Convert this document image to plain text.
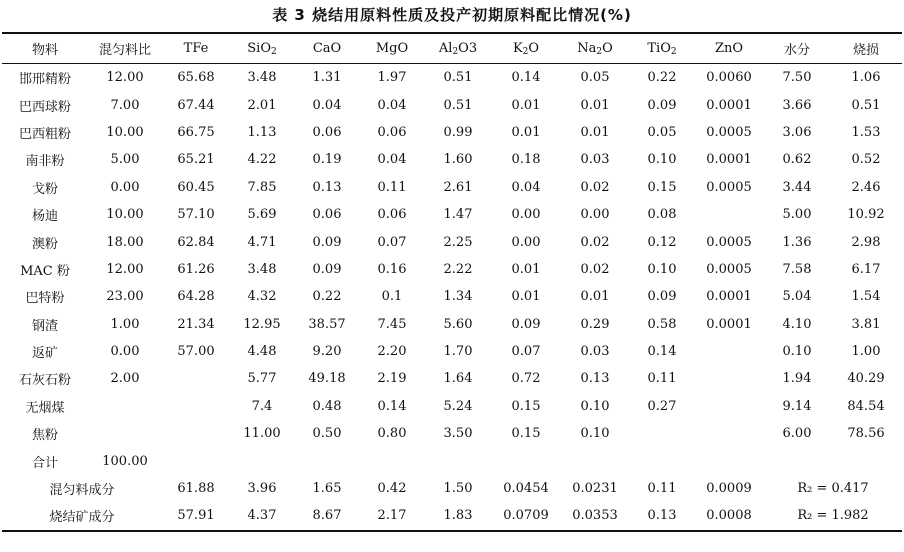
表 3 烧结用原料性质及投产初期原料配比情况(%)
物料	混匀料比	TFe	SiO$_2$	CaO	MgO	$Al_2O3$	$K_2O$	$Na_2O$	TiO$_2$	ZnO	水分	烧损
邯邢精粉	12.00	65.68	3.48	1.31	1.97	0.51	0.14	0.05	0.22	0.0060	7.50	1.06
巴西球粉	7.00	67.44	2.01	0.04	0.04	0.51	0.01	0.01	0.09	0.0001	3.66	0.51
巴西粗粉	10.00	66.75	1.13	0.06	0.06	0.99	0.01	0.01	0.05	0.0005	3.06	1.53
南非粉	5.00	65.21	4.22	0.19	0.04	1.60	0.18	0.03	0.10	0.0001	0.62	0.52
戈粉	0.00	60.45	7.85	0.13	0.11	2.61	0.04	0.02	0.15	0.0005	3.44	2.46
杨迪	10.00	57.10	5.69	0.06	0.06	1.47	0.00	0.00	0.08		5.00	10.92
澳粉	18.00	62.84	4.71	0.09	0.07	2.25	0.00	0.02	0.12	0.0005	1.36	2.98
MAC 粉	12.00	61.26	3.48	0.09	0.16	2.22	0.01	0.02	0.10	0.0005	7.58	6.17
巴特粉	23.00	64.28	4.32	0.22	0.1	1.34	0.01	0.01	0.09	0.0001	5.04	1.54
钢渣	1.00	21.34	12.95	38.57	7.45	5.60	0.09	0.29	0.58	0.0001	4.10	3.81
返矿	0.00	57.00	4.48	9.20	2.20	1.70	0.07	0.03	0.14		0.10	1.00
石灰石粉	2.00		5.77	49.18	2.19	1.64	0.72	0.13	0.11		1.94	40.29
无烟煤			7.4	0.48	0.14	5.24	0.15	0.10	0.27		9.14	84.54
焦粉			11.00	0.50	0.80	3.50	0.15	0.10			6.00	78.56
合计	100.00											
混匀料成分		61.88	3.96	1.65	0.42	1.50	0.0454	0.0231	0.11	0.0009	R₂ = 0.417	
烧结矿成分		57.91	4.37	8.67	2.17	1.83	0.0709	0.0353	0.13	0.0008	R₂ = 1.982	
